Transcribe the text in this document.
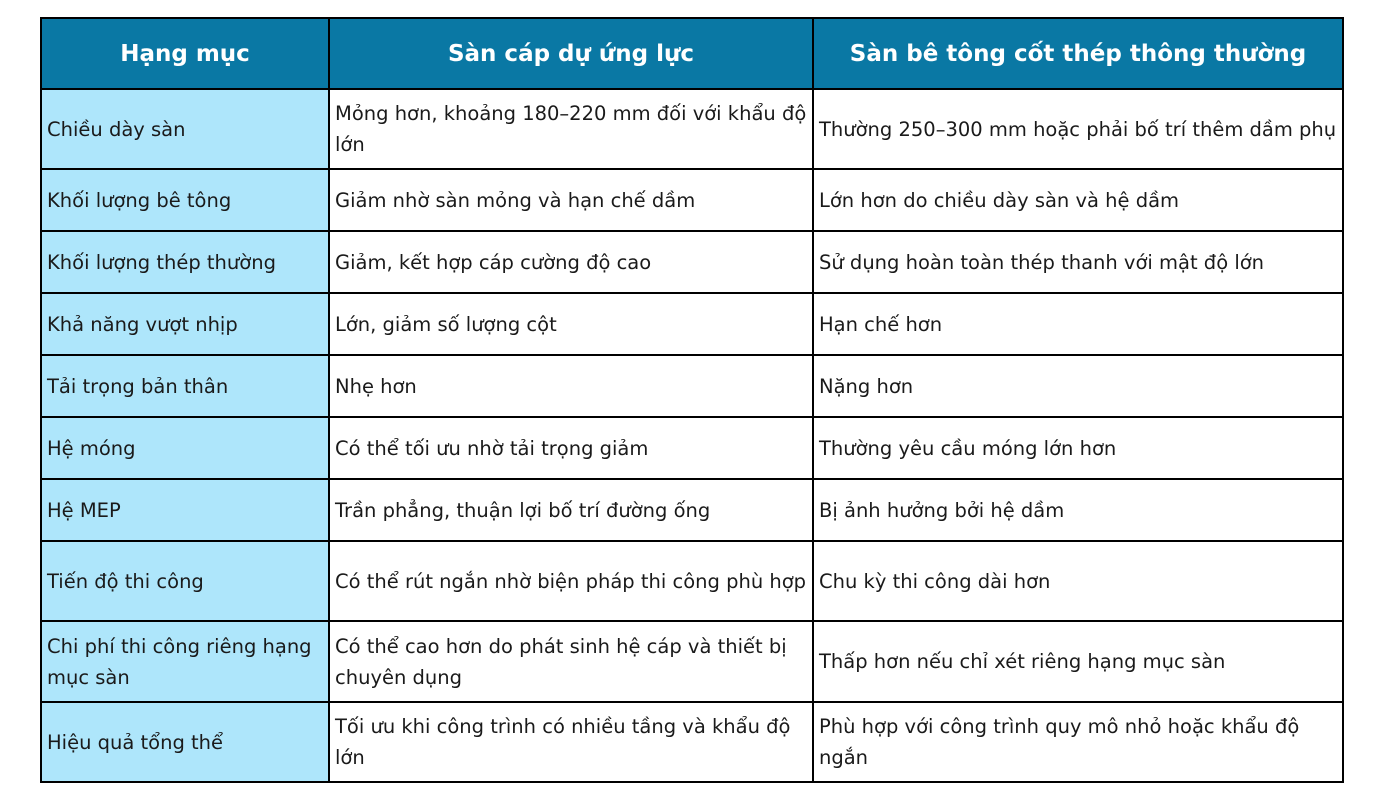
Hạng mục	Sàn cáp dự ứng lực	Sàn bê tông cốt thép thông thường
Chiều dày sàn	Mỏng hơn, khoảng 180–220 mm đối với khẩu độ lớn	Thường 250–300 mm hoặc phải bố trí thêm dầm phụ
Khối lượng bê tông	Giảm nhờ sàn mỏng và hạn chế dầm	Lớn hơn do chiều dày sàn và hệ dầm
Khối lượng thép thường	Giảm, kết hợp cáp cường độ cao	Sử dụng hoàn toàn thép thanh với mật độ lớn
Khả năng vượt nhịp	Lớn, giảm số lượng cột	Hạn chế hơn
Tải trọng bản thân	Nhẹ hơn	Nặng hơn
Hệ móng	Có thể tối ưu nhờ tải trọng giảm	Thường yêu cầu móng lớn hơn
Hệ MEP	Trần phẳng, thuận lợi bố trí đường ống	Bị ảnh hưởng bởi hệ dầm
Tiến độ thi công	Có thể rút ngắn nhờ biện pháp thi công phù hợp	Chu kỳ thi công dài hơn
Chi phí thi công riêng hạng mục sàn	Có thể cao hơn do phát sinh hệ cáp và thiết bị chuyên dụng	Thấp hơn nếu chỉ xét riêng hạng mục sàn
Hiệu quả tổng thể	Tối ưu khi công trình có nhiều tầng và khẩu độ lớn	Phù hợp với công trình quy mô nhỏ hoặc khẩu độ ngắn
